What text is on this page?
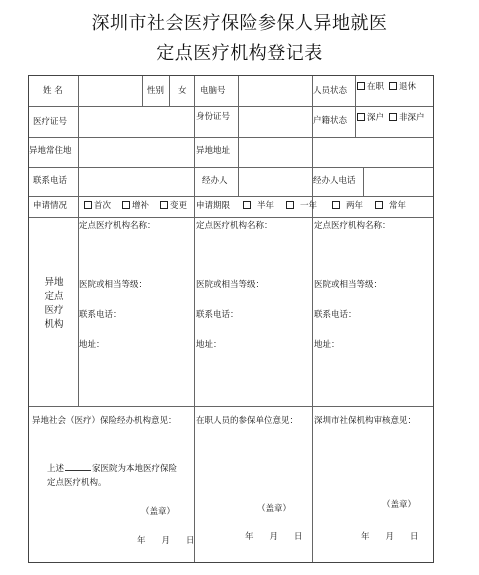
深圳市社会医疗保险参保人异地就医
定点医疗机构登记表
姓 名	性别 女 电脑号	人员状态	在职	退休
医疗证号	身份证号	户籍状态	深户	非深户
异地常住地	异地地址
联系电话	经办人	经办人电话
申请情况	首次	增补	变更 申请期限	半年	一年	两年	常年
异地定点医疗机构
定点医疗机构名称：
医院或相当等级：
联系电话：
地址：
定点医疗机构名称：
医院或相当等级：
联系电话：
地址：
定点医疗机构名称：
医院或相当等级：
联系电话：
地址：
异地社会（医疗）保险经办机构意见：
上述	家医院为本地医疗保险
定点医疗机构。
（盖章）
年 月 日
在职人员的参保单位意见：
（盖章）
年 月 日
深圳市社保机构审核意见：
（盖章）
年 月 日
